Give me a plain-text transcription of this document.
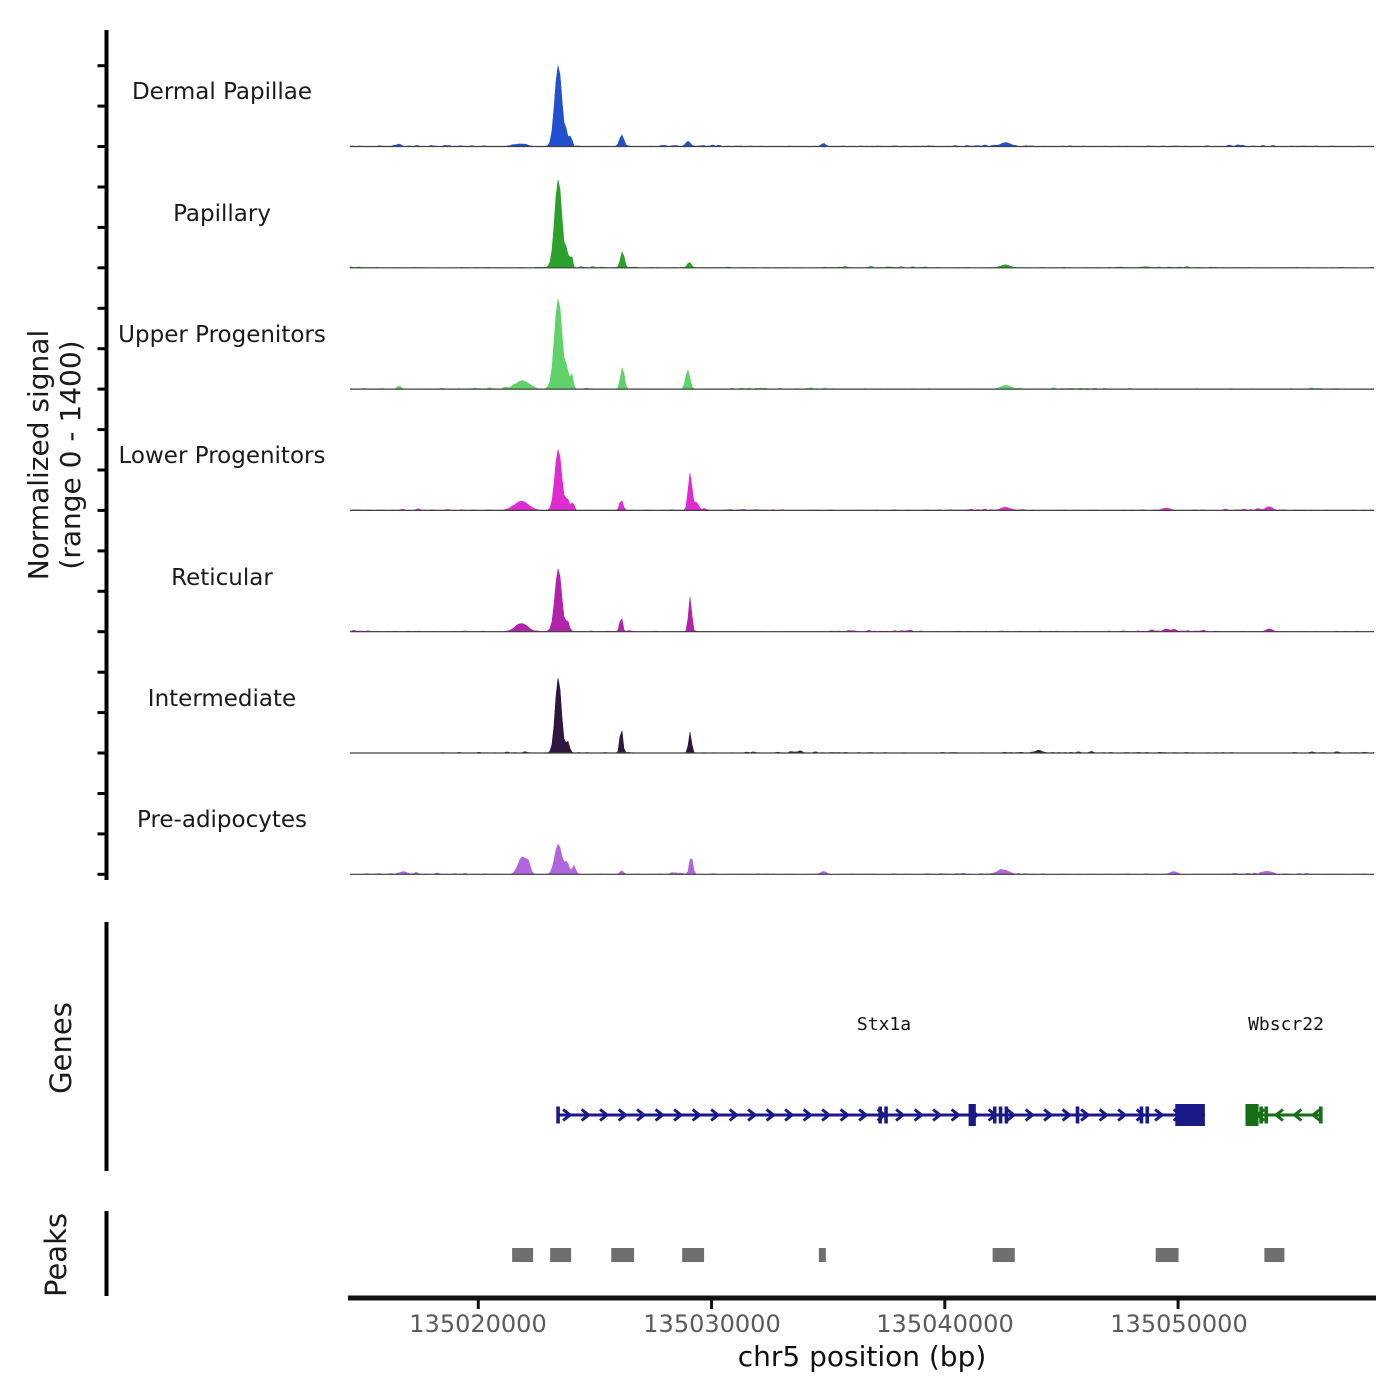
Normalized signal (range 0 - 1400)
Genes
Peaks
Dermal Papillae
Papillary
Upper Progenitors
Lower Progenitors
Reticular
Intermediate
Pre-adipocytes
Stx1a	Wbscr22
135020000	135030000	135040000	135050000
chr5 position (bp)
